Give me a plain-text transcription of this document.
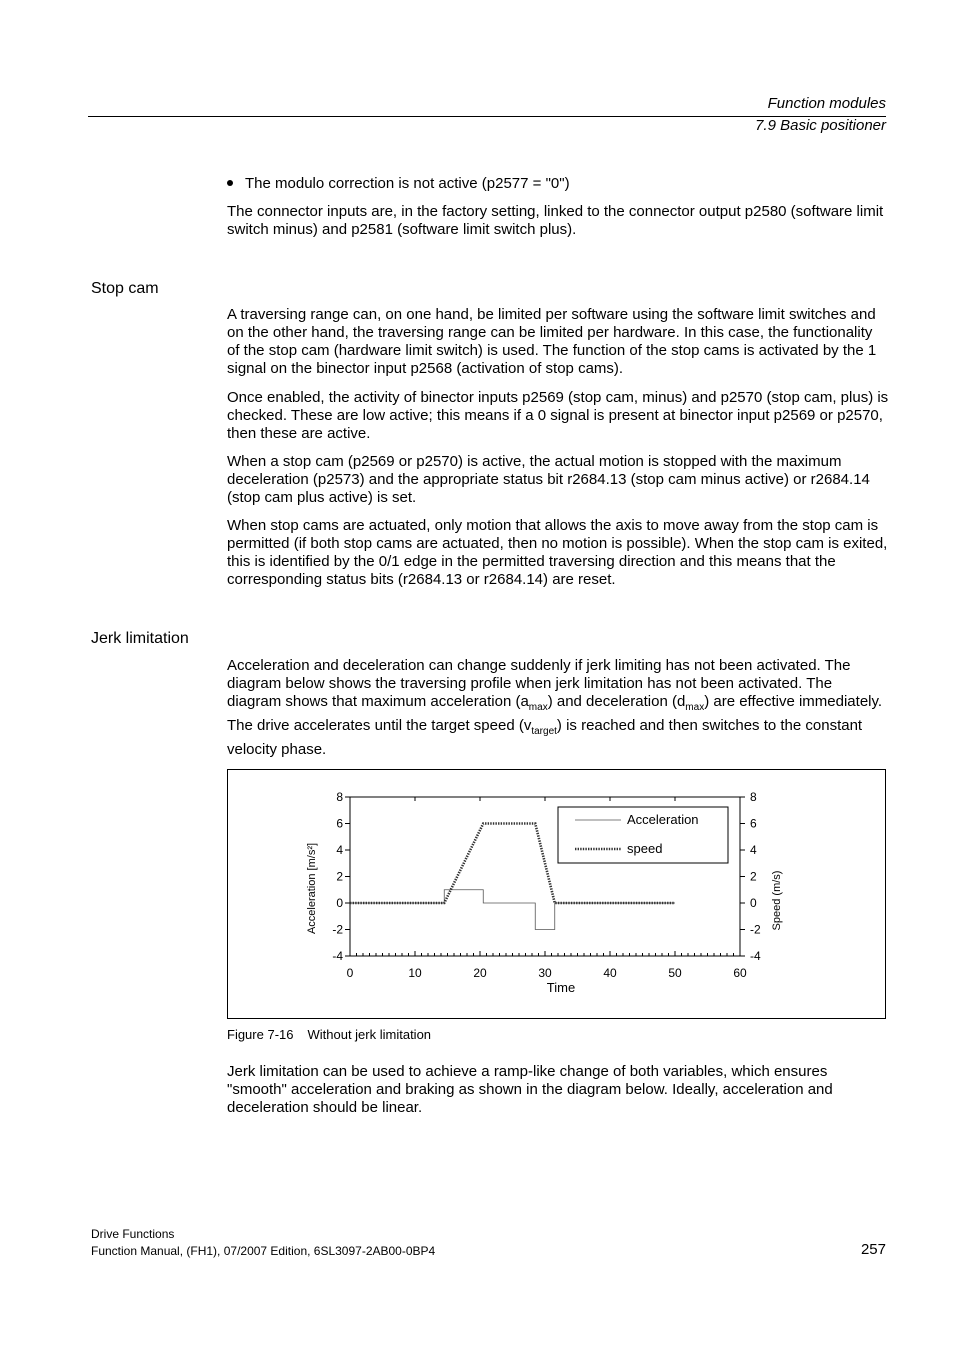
Function modules
7.9 Basic positioner
The modulo correction is not active (p2577 = "0")

The connector inputs are, in the factory setting, linked to the connector output p2580 (software limit switch minus) and p2581 (software limit switch plus).

Stop cam

A traversing range can, on one hand, be limited per software using the software limit switches and on the other hand, the traversing range can be limited per hardware. In this case, the functionality of the stop cam (hardware limit switch) is used. The function of the stop cams is activated by the 1 signal on the binector input p2568 (activation of stop cams).

Once enabled, the activity of binector inputs p2569 (stop cam, minus) and p2570 (stop cam, plus) is checked. These are low active; this means if a 0 signal is present at binector input p2569 or p2570, then these are active.

When a stop cam (p2569 or p2570) is active, the actual motion is stopped with the maximum deceleration (p2573) and the appropriate status bit r2684.13 (stop cam minus active) or r2684.14 (stop cam plus active) is set.

When stop cams are actuated, only motion that allows the axis to move away from the stop cam is permitted (if both stop cams are actuated, then no motion is possible). When the stop cam is exited, this is identified by the 0/1 edge in the permitted traversing direction and this means that the corresponding status bits (r2684.13 or r2684.14) are reset.

Jerk limitation

Acceleration and deceleration can change suddenly if jerk limiting has not been activated. The diagram below shows the traversing profile when jerk limitation has not been activated. The diagram shows that maximum acceleration $(a_{max})$ and deceleration $(d_{max})$ are effective immediately. The drive accelerates until the target speed $(v_{target})$ is reached and then switches to the constant velocity phase.

-4	-4
-2	-2
0	0
2	2
4	4
6	6
8	8
0	10	20	30	40	50	60
Acceleration
speed
Time
Acceleration [m/s²]	Speed (m/s)
Figure 7-16 Without jerk limitation

Jerk limitation can be used to achieve a ramp-like change of both variables, which ensures "smooth" acceleration and braking as shown in the diagram below. Ideally, acceleration and deceleration should be linear.

Drive Functions
Function Manual, (FH1), 07/2007 Edition, 6SL3097-2AB00-0BP4	257
